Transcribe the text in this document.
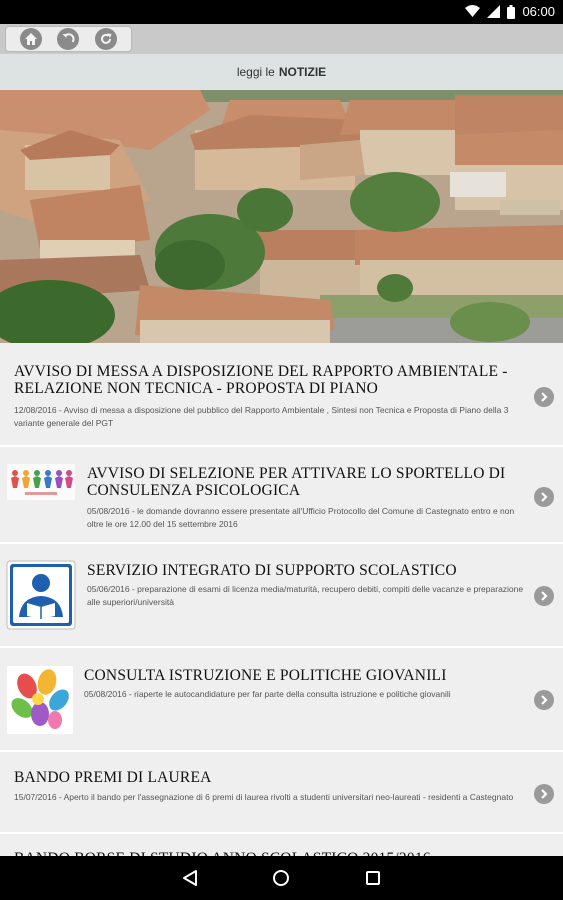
06:00
leggi le NOTIZIE
AVVISO DI MESSA A DISPOSIZIONE DEL RAPPORTO AMBIENTALE - RELAZIONE NON TECNICA - PROPOSTA DI PIANO
12/08/2016 - Avviso di messa a disposizione del pubblico del Rapporto Ambientale , Sintesi non Tecnica e Proposta di Piano della 3 variante generale del PGT
AVVISO DI SELEZIONE PER ATTIVARE LO SPORTELLO DI CONSULENZA PSICOLOGICA
05/08/2016 - le domande dovranno essere presentate all'Ufficio Protocollo del Comune di Castegnato entro e non oltre le ore 12.00 del 15 settembre 2016
SERVIZIO INTEGRATO DI SUPPORTO SCOLASTICO
05/06/2016 - preparazione di esami di licenza media/maturità, recupero debiti, compiti delle vacanze e preparazione alle superiori/università
CONSULTA ISTRUZIONE E POLITICHE GIOVANILI
05/08/2016 - riaperte le autocandidature per far parte della consulta istruzione e politiche giovanili
BANDO PREMI DI LAUREA
15/07/2016 - Aperto il bando per l'assegnazione di 6 premi di laurea rivolti a studenti universitari neo-laureati - residenti a Castegnato
